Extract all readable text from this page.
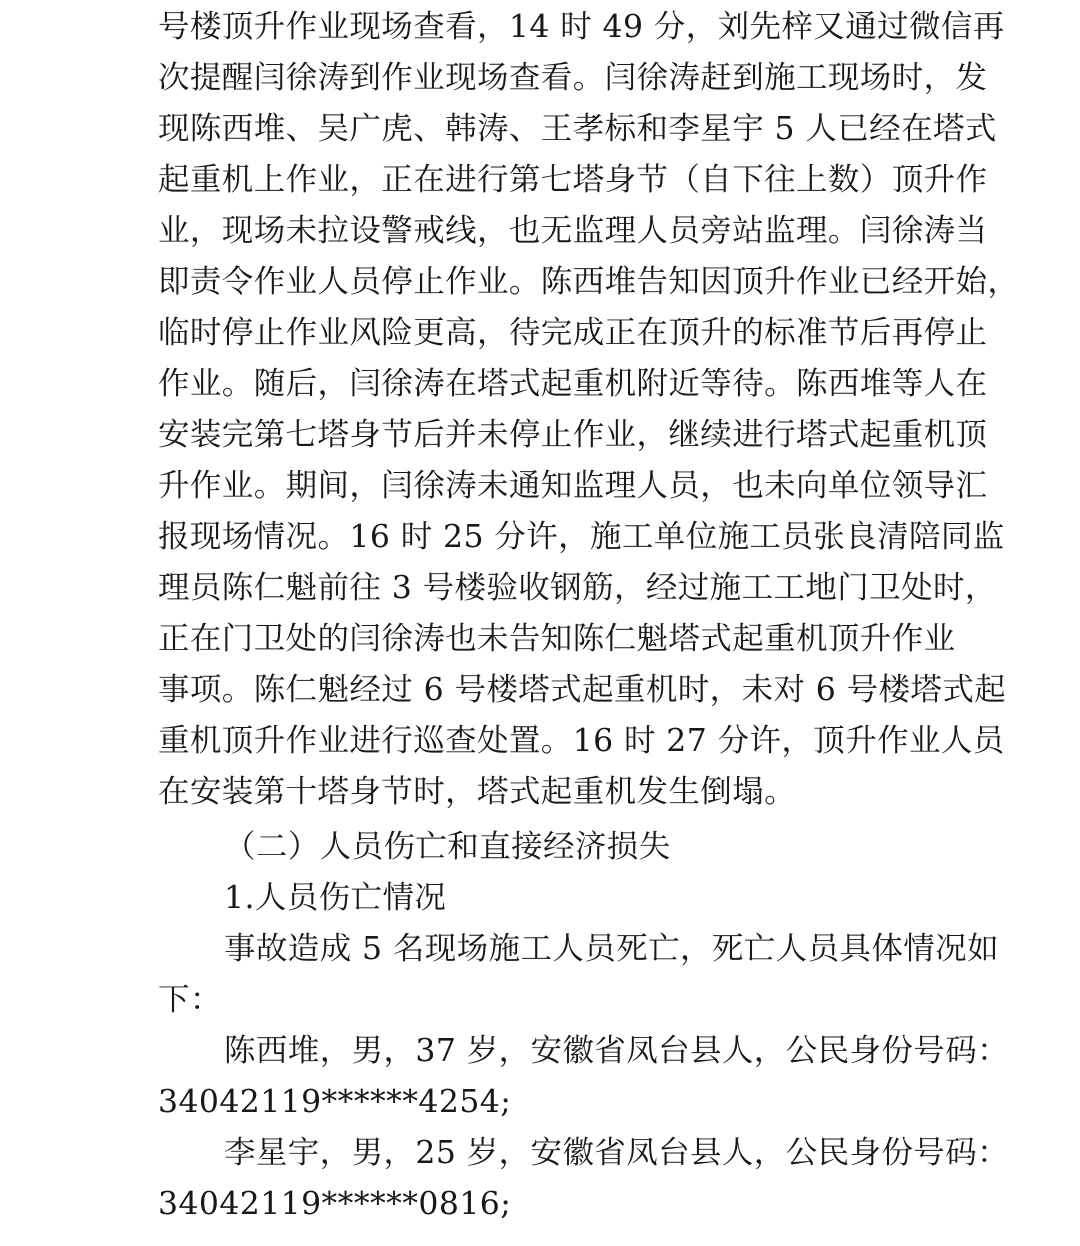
号楼顶升作业现场查看，14 时 49 分，刘先梓又通过微信再
次提醒闫徐涛到作业现场查看。闫徐涛赶到施工现场时，发
现陈西堆、吴广虎、韩涛、王孝标和李星宇 5 人已经在塔式
起重机上作业，正在进行第七塔身节（自下往上数）顶升作
业，现场未拉设警戒线，也无监理人员旁站监理。闫徐涛当
即责令作业人员停止作业。陈西堆告知因顶升作业已经开始，
临时停止作业风险更高，待完成正在顶升的标准节后再停止
作业。随后，闫徐涛在塔式起重机附近等待。陈西堆等人在
安装完第七塔身节后并未停止作业，继续进行塔式起重机顶
升作业。期间，闫徐涛未通知监理人员，也未向单位领导汇
报现场情况。16 时 25 分许，施工单位施工员张良清陪同监
理员陈仁魁前往 3 号楼验收钢筋，经过施工工地门卫处时，
正在门卫处的闫徐涛也未告知陈仁魁塔式起重机顶升作业
事项。陈仁魁经过 6 号楼塔式起重机时，未对 6 号楼塔式起
重机顶升作业进行巡查处置。16 时 27 分许，顶升作业人员
在安装第十塔身节时，塔式起重机发生倒塌。
（二）人员伤亡和直接经济损失
1.人员伤亡情况
事故造成 5 名现场施工人员死亡，死亡人员具体情况如
下：
陈西堆，男，37 岁，安徽省凤台县人，公民身份号码：
34042119******4254;
李星宇，男，25 岁，安徽省凤台县人，公民身份号码：
34042119******0816;
